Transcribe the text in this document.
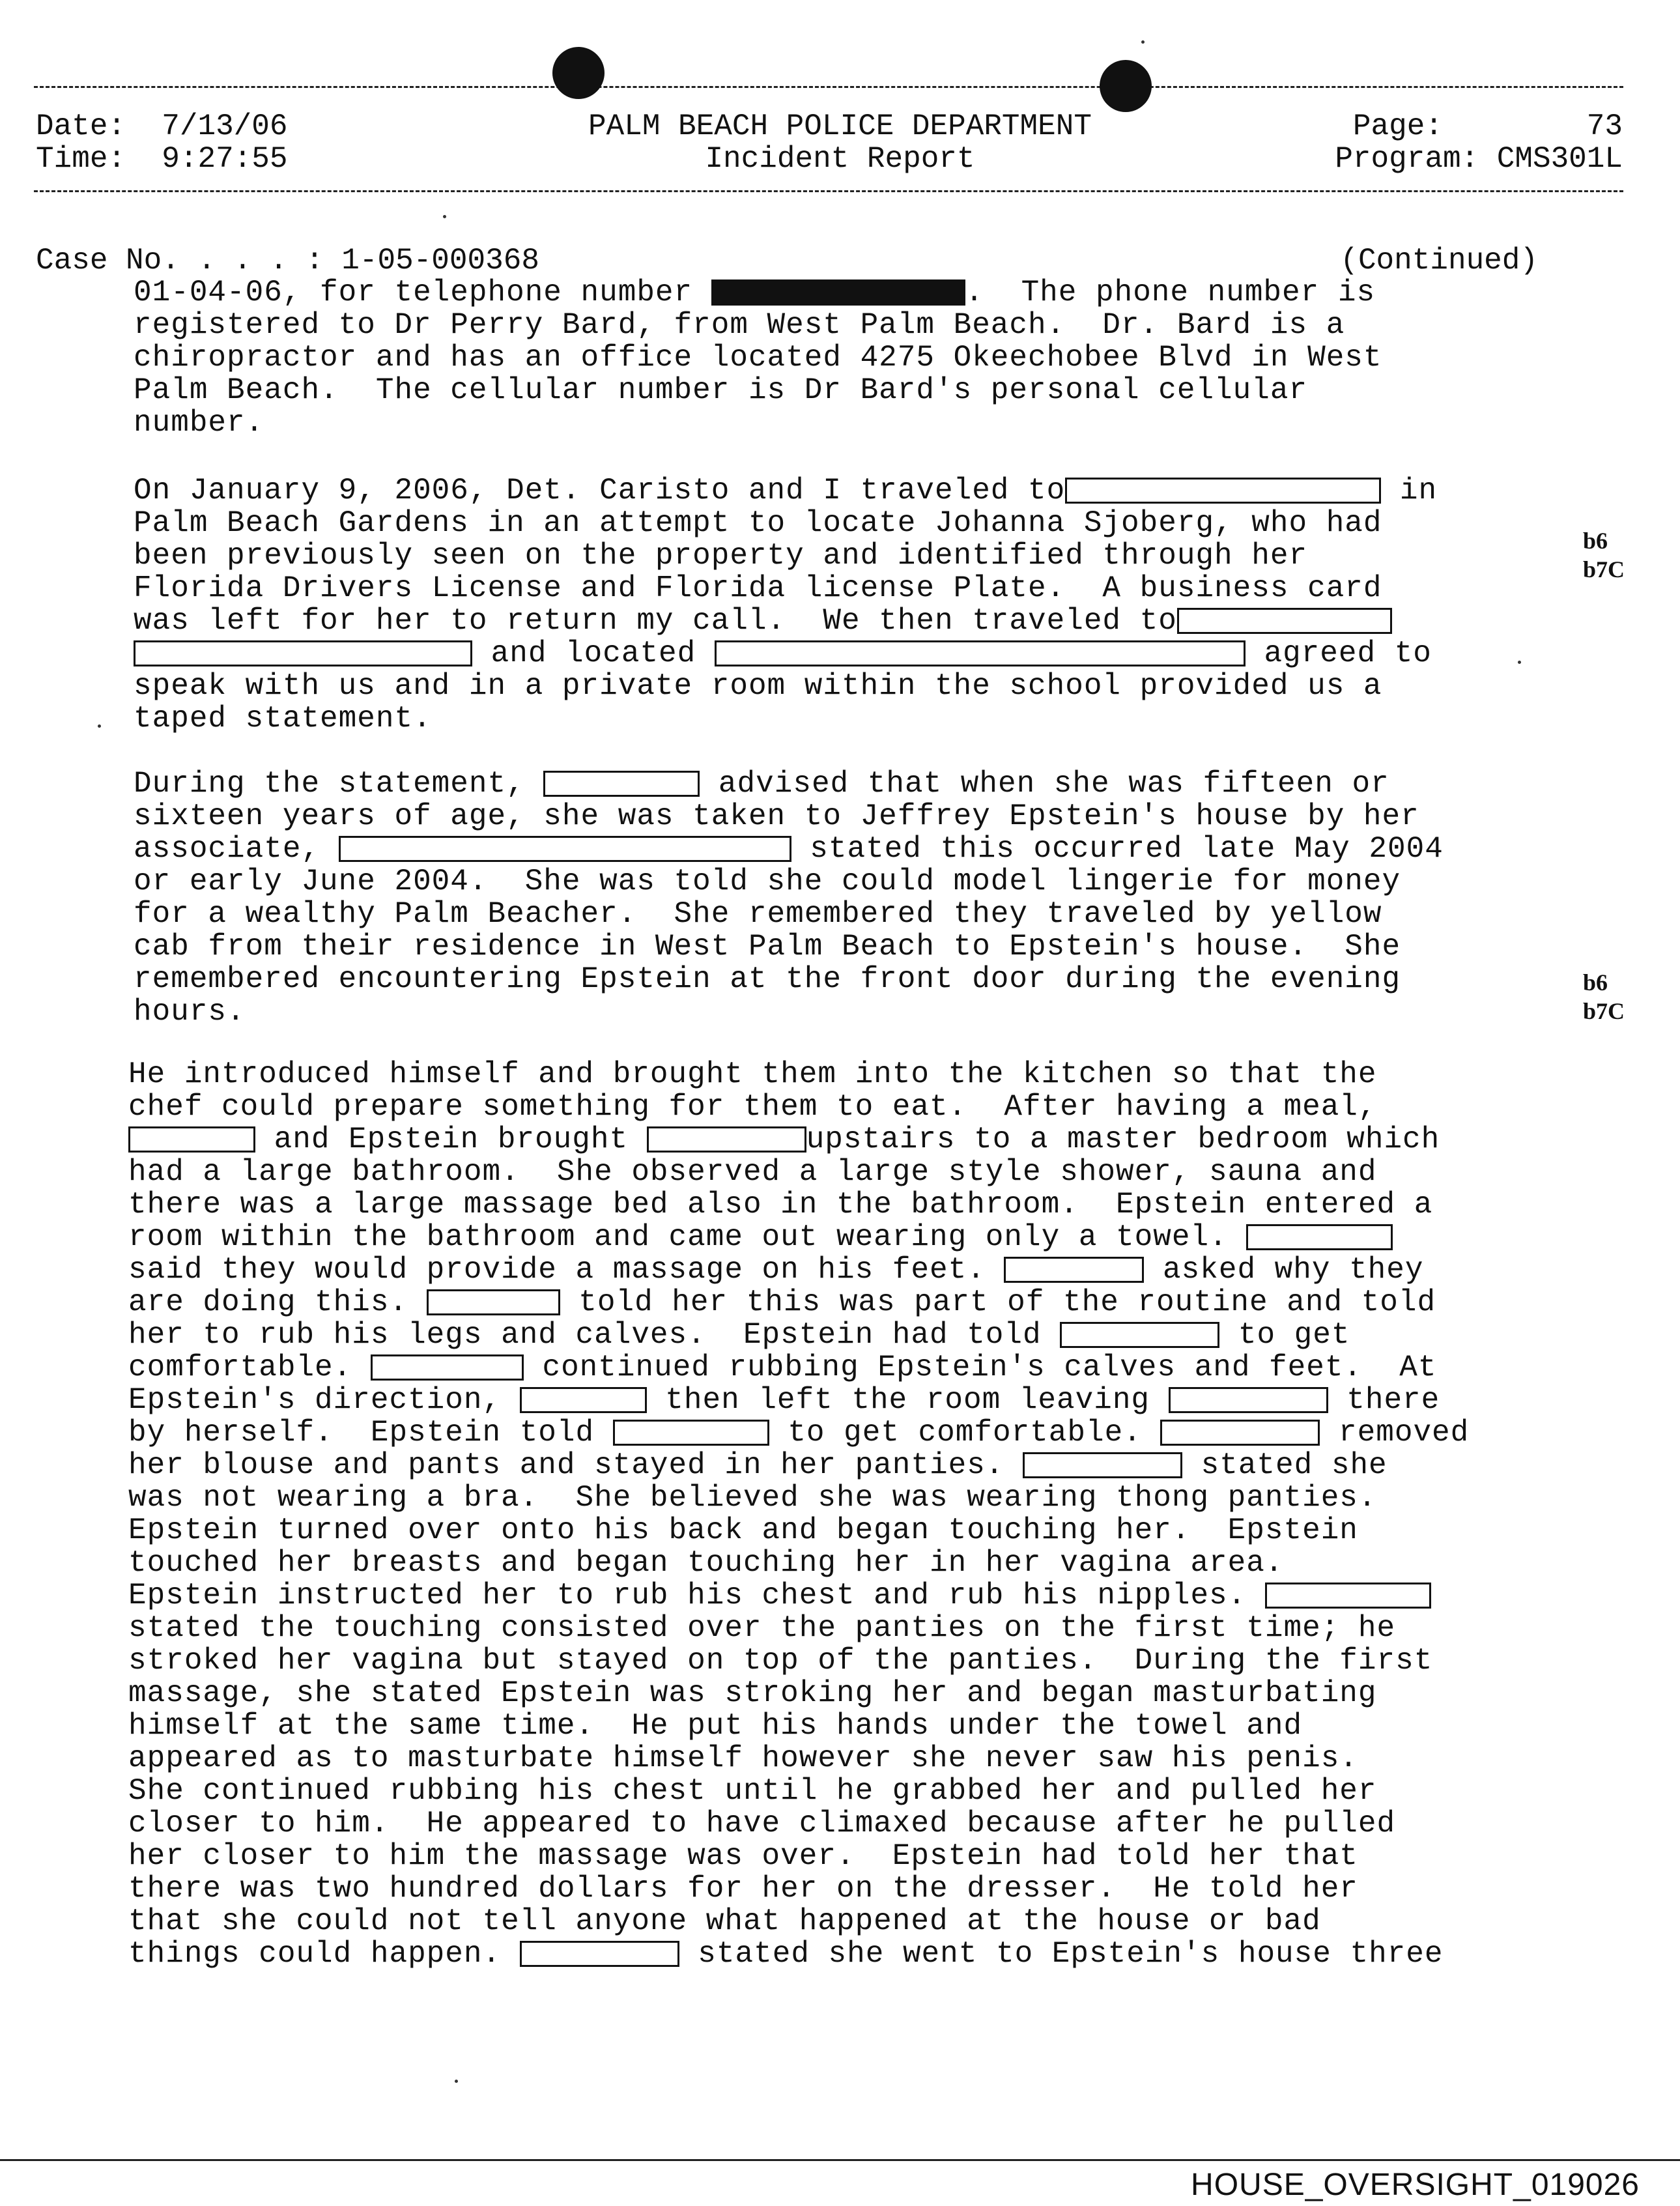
Date: 7/13/06
Time: 9:27:55
PALM BEACH POLICE DEPARTMENT
Incident Report
Page:	73
Program: CMS301L
Case No. . . . : 1-05-000368	(Continued)
01-04-06, for telephone number	.  The phone number is
registered to Dr Perry Bard, from West Palm Beach.  Dr. Bard is a
chiropractor and has an office located 4275 Okeechobee Blvd in West
Palm Beach.  The cellular number is Dr Bard's personal cellular
number.
On January 9, 2006, Det. Caristo and I traveled to	in
Palm Beach Gardens in an attempt to locate Johanna Sjoberg, who had
been previously seen on the property and identified through her
Florida Drivers License and Florida license Plate.  A business card
was left for her to return my call.  We then traveled to
and located	agreed to
speak with us and in a private room within the school provided us a
taped statement.
During the statement,	advised that when she was fifteen or
sixteen years of age, she was taken to Jeffrey Epstein's house by her
associate,	stated this occurred late May 2004
or early June 2004.  She was told she could model lingerie for money
for a wealthy Palm Beacher.  She remembered they traveled by yellow
cab from their residence in West Palm Beach to Epstein's house.  She
remembered encountering Epstein at the front door during the evening
hours.
He introduced himself and brought them into the kitchen so that the
chef could prepare something for them to eat.  After having a meal,
and Epstein brought	upstairs to a master bedroom which
had a large bathroom.  She observed a large style shower, sauna and
there was a large massage bed also in the bathroom.  Epstein entered a
room within the bathroom and came out wearing only a towel.
said they would provide a massage on his feet.	asked why they
are doing this.	told her this was part of the routine and told
her to rub his legs and calves.  Epstein had told	to get
comfortable.	continued rubbing Epstein's calves and feet.  At
Epstein's direction,	then left the room leaving	there
by herself.  Epstein told	to get comfortable.	removed
her blouse and pants and stayed in her panties.	stated she
was not wearing a bra.  She believed she was wearing thong panties.
Epstein turned over onto his back and began touching her.  Epstein
touched her breasts and began touching her in her vagina area.
Epstein instructed her to rub his chest and rub his nipples.
stated the touching consisted over the panties on the first time; he
stroked her vagina but stayed on top of the panties.  During the first
massage, she stated Epstein was stroking her and began masturbating
himself at the same time.  He put his hands under the towel and
appeared as to masturbate himself however she never saw his penis.
She continued rubbing his chest until he grabbed her and pulled her
closer to him.  He appeared to have climaxed because after he pulled
her closer to him the massage was over.  Epstein had told her that
there was two hundred dollars for her on the dresser.  He told her
that she could not tell anyone what happened at the house or bad
things could happen.	stated she went to Epstein's house three
b6
b7C
b6
b7C
HOUSE_OVERSIGHT_019026
